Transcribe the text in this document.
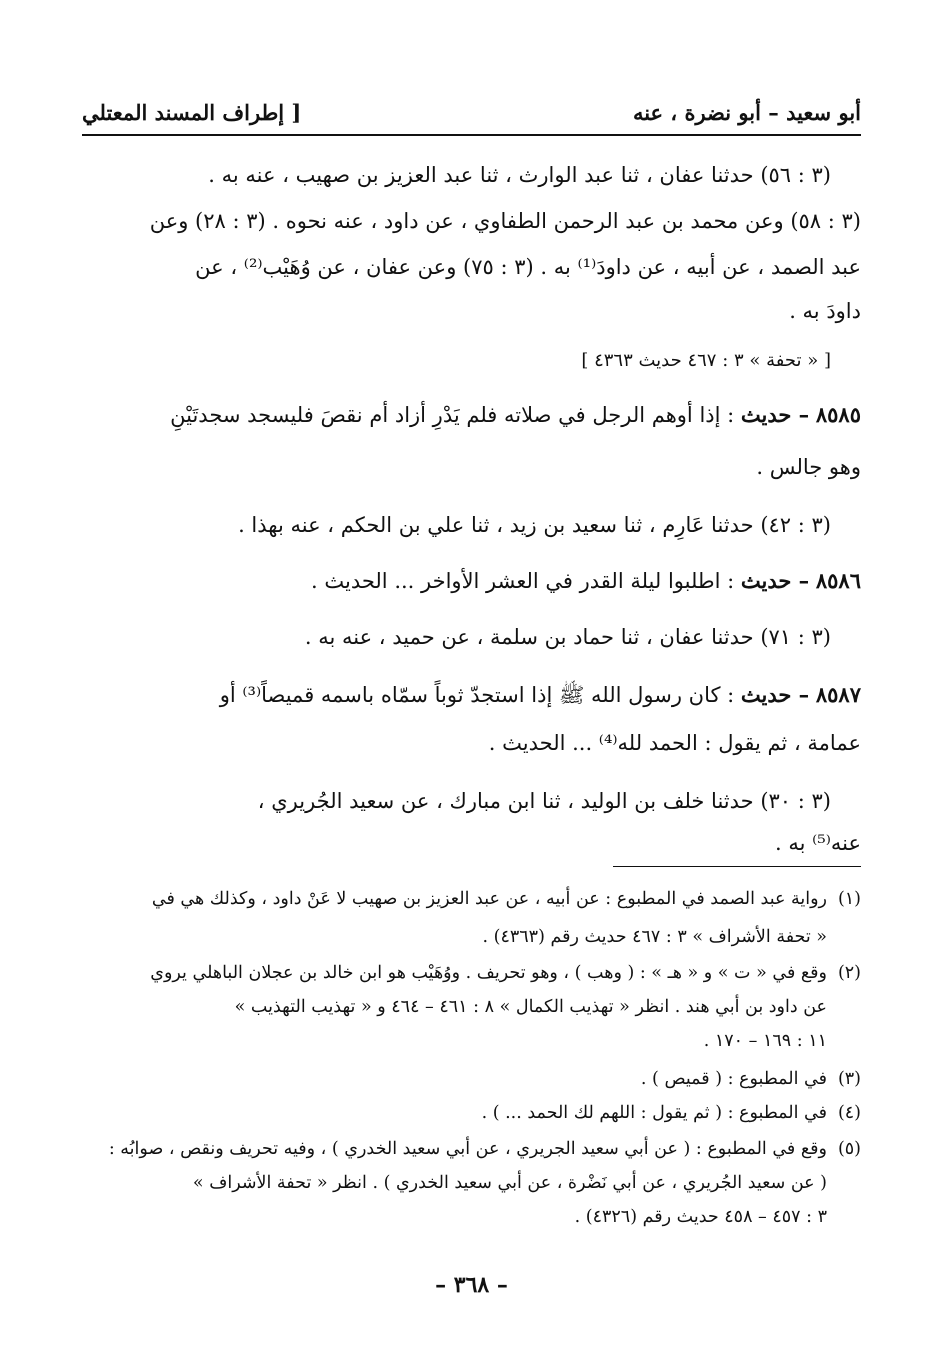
أبو سعيد – أبو نضرة ، عنه
[ إطراف المسند المعتلي
(٣ : ٥٦) حدثنا عفان ، ثنا عبد الوارث ، ثنا عبد العزيز بن صهيب ، عنه به .
(٣ : ٥٨) وعن محمد بن عبد الرحمن الطفاوي ، عن داود ، عنه نحوه . (٣ : ٢٨) وعن
عبد الصمد ، عن أبيه ، عن داودَ⁽¹⁾ به . (٣ : ٧٥) وعن عفان ، عن وُهَيْب⁽²⁾ ، عن
داودَ به .
[ « تحفة » ٣ : ٤٦٧ حديث ٤٣٦٣ ]
٨٥٨٥ – حديث : إذا أوهم الرجل في صلاته فلم يَدْرِ أزاد أم نقصَ فليسجد سجدتَيْنِ
وهو جالس .
(٣ : ٤٢) حدثنا عَارِم ، ثنا سعيد بن زيد ، ثنا علي بن الحكم ، عنه بهذا .
٨٥٨٦ – حديث : اطلبوا ليلة القدر في العشر الأواخر ... الحديث .
(٣ : ٧١) حدثنا عفان ، ثنا حماد بن سلمة ، عن حميد ، عنه به .
٨٥٨٧ – حديث : كان رسول الله ﷺ إذا استجدّ ثوباً سمّاه باسمه قميصاً⁽³⁾ أو
عمامة ، ثم يقول : الحمد لله⁽⁴⁾ ... الحديث .
(٣ : ٣٠) حدثنا خلف بن الوليد ، ثنا ابن مبارك ، عن سعيد الجُريري ،
عنه⁽⁵⁾ به .
(١)رواية عبد الصمد في المطبوع : عن أبيه ، عن عبد العزيز بن صهيب لا عَنْ داود ، وكذلك هي في
« تحفة الأشراف » ٣ : ٤٦٧ حديث رقم (٤٣٦٣) .
(٢)وقع في « ت » و « هـ » : ( وهب ) ، وهو تحريف . ووُهَيْب هو ابن خالد بن عجلان الباهلي يروي
عن داود بن أبي هند . انظر « تهذيب الكمال » ٨ : ٤٦١ – ٤٦٤ و « تهذيب التهذيب »
١١ : ١٦٩ – ١٧٠ .
(٣)في المطبوع : ( قميص ) .
(٤)في المطبوع : ( ثم يقول : اللهم لك الحمد ... ) .
(٥)وقع في المطبوع : ( عن أبي سعيد الجريري ، عن أبي سعيد الخدري ) ، وفيه تحريف ونقص ، صوابُه :
( عن سعيد الجُريري ، عن أبي نَضْرة ، عن أبي سعيد الخدري ) . انظر « تحفة الأشراف »
٣ : ٤٥٧ – ٤٥٨ حديث رقم (٤٣٢٦) .
– ٣٦٨ –
